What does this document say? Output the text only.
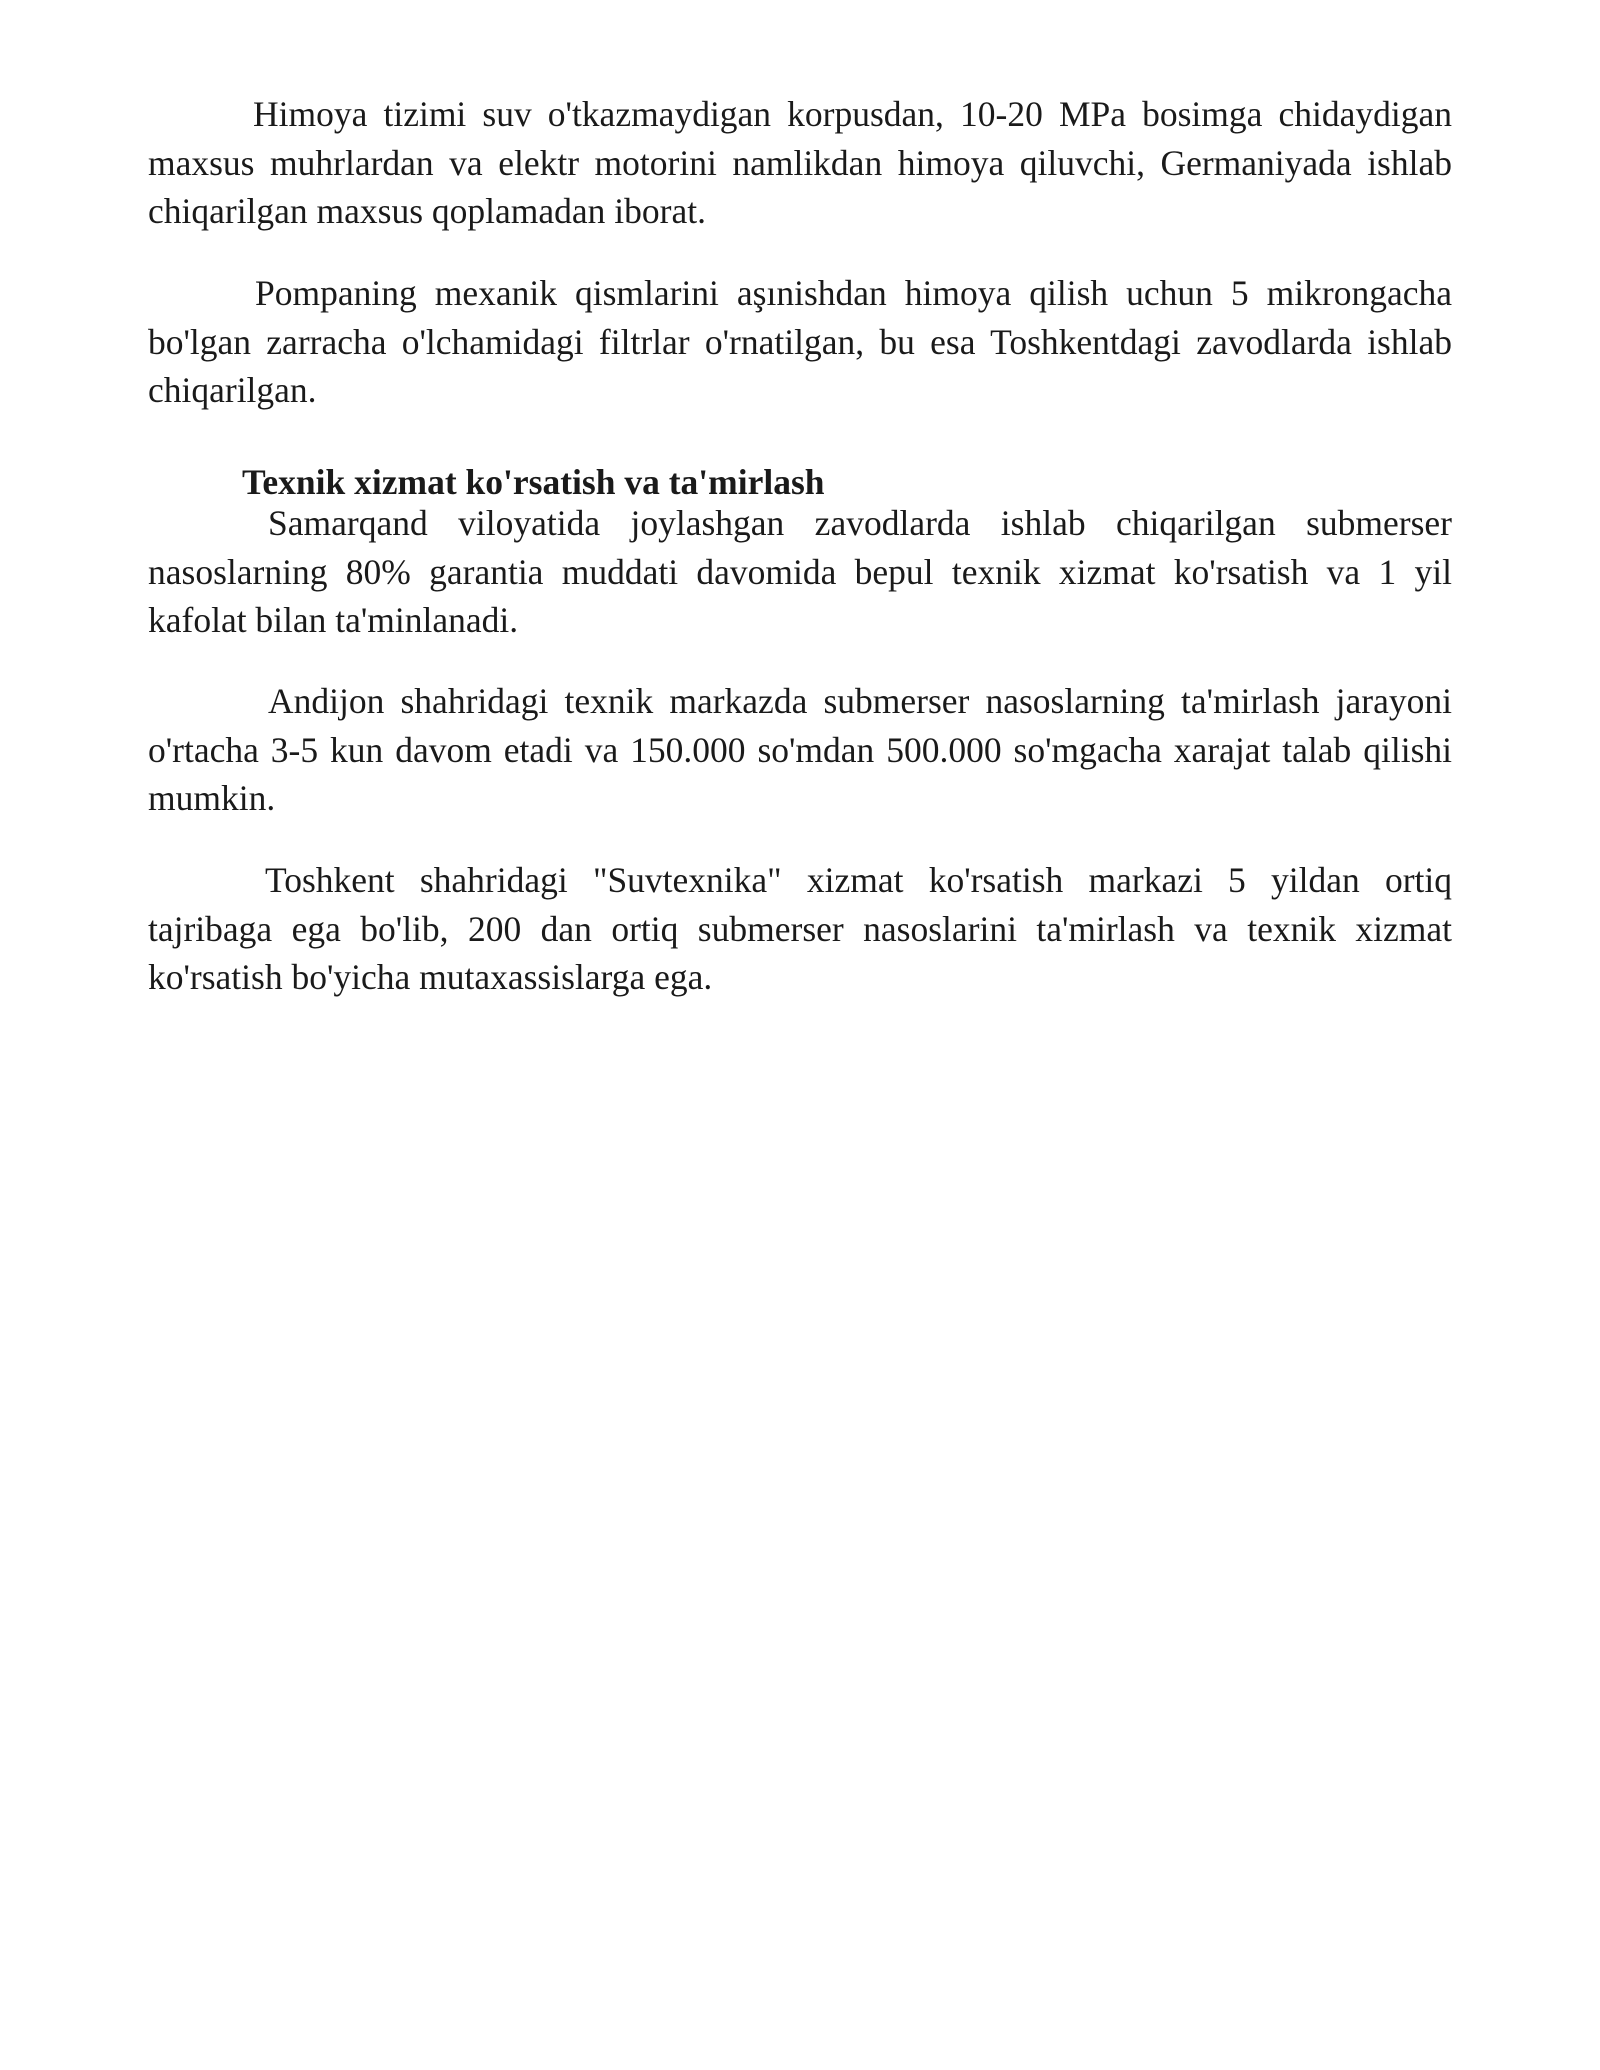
Himoya tizimi suv o'tkazmaydigan korpusdan, 10-20 MPa bosimga chidaydigan maxsus muhrlardan va elektr motorini namlikdan himoya qiluvchi, Germaniyada ishlab chiqarilgan maxsus qoplamadan iborat.

Pompaning mexanik qismlarini aşınishdan himoya qilish uchun 5 mikrongacha bo'lgan zarracha o'lchamidagi filtrlar o'rnatilgan, bu esa Toshkentdagi zavodlarda ishlab chiqarilgan.

Texnik xizmat ko'rsatish va ta'mirlash

Samarqand viloyatida joylashgan zavodlarda ishlab chiqarilgan submerser nasoslarning 80% garantia muddati davomida bepul texnik xizmat ko'rsatish va 1 yil kafolat bilan ta'minlanadi.

Andijon shahridagi texnik markazda submerser nasoslarning ta'mirlash jarayoni o'rtacha 3-5 kun davom etadi va 150.000 so'mdan 500.000 so'mgacha xarajat talab qilishi mumkin.

Toshkent shahridagi "Suvtexnika" xizmat ko'rsatish markazi 5 yildan ortiq tajribaga ega bo'lib, 200 dan ortiq submerser nasoslarini ta'mirlash va texnik xizmat ko'rsatish bo'yicha mutaxassislarga ega.
